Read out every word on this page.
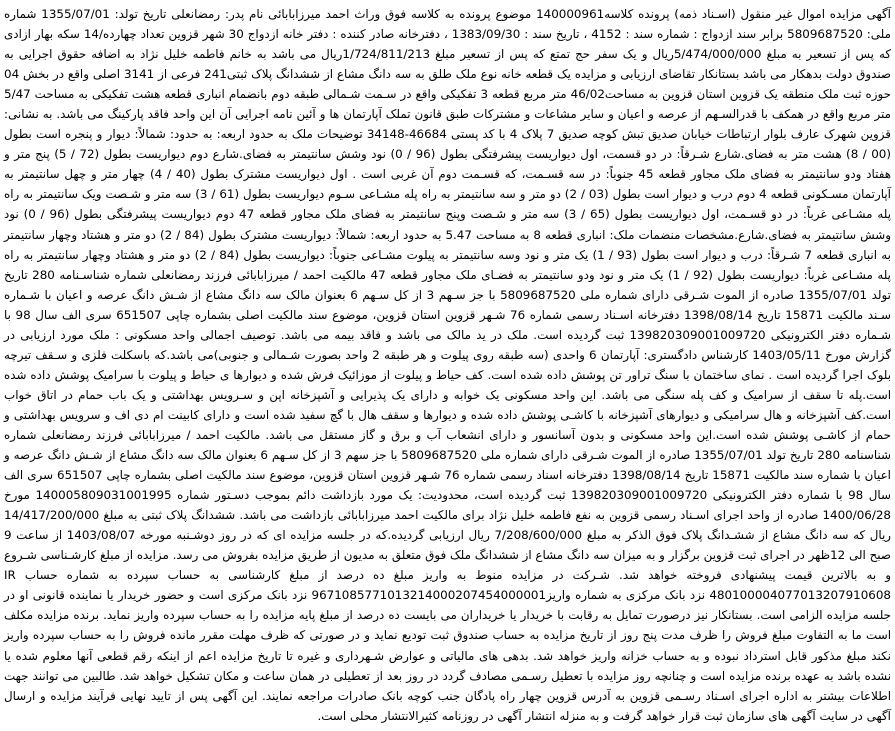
آگهی مزایده اموال غیر منقول (اسـناد ذمه) پرونده کلاسه140000961 موضوع پرونده به کلاسه فوق وراث احمد میرزابابائی نام پدر: رمضانعلی تاریخ تولد: 1355/07/01 شماره ملی: 5809687520 برابر سند ازدواج : شماره سند : 4152 ، تاریخ سند : 1383/09/30 ، دفترخانه صادر کننده : دفتر خانه ازدواج 30 شهر قزوین تعداد چهارده/14 سکه بهار ازادی که پس از تسعیر به مبلغ 5/474/000/000ریال و یک سفر حج تمتع که پس از تسعیر مبلغ 1/724/811/213ریال می باشد به خانم فاطمه خلیل نژاد به اضافه حقوق اجرایی به صندوق دولت بدهکار می باشد بستانکار تقاضای ارزیابی و مزایده یک قطعه خانه نوع ملک طلق به سه دانگ مشاع از ششدانگ پلاک ثبتی241 فرعی از 3141 اصلی واقع در بخش 04 حوزه ثبت ملک منطقه یک قزوین استان قزوین به مساحت46/02 متر مربع قطعه 3 تفکیکی واقع در سـمت شـمالی طبقه دوم بانضمام انباری قطعه هشت تفکیکی به مساحت 5/47 متر مربع واقع در همکف با قدرالسـهم از عرصه و اعیان و سایر مشاعات و مشترکات طبق قانون تملک آپارتمان ها و آئین نامه اجرایی آن این واحد فاقد پارکینگ می باشد. به نشانی: قزوین شهرک عارف بلوار ارتباطات خیابان صدیق تبش کوچه صدیق 7 پلاک 4 با کد پستی 46684-34148 توضیحات ملک به حدود اربعه: به حدود: شمالاً: دیوار و پنجره است بطول (00 / 8) هشت متر به فضای.شارع شـرقاً: در دو قسمت، اول دیواریست پیشرفتگی بطول (96 / 0) نود وشش سانتیمتر به فضای.شارع دوم دیواریست بطول (72 / 5) پنج متر و هفتاد ودو سانتیمتر به فضای ملک مجاور قطعه 45 جنوباً: در سه قسـمت، که قسـمت دوم آن غربی است . اول دیواریست مشترک بطول (40 / 4) چهار متر و چهل سانتیمتر به آپارتمان مسـکونی قطعه 4 دوم درب و دیوار است بطول (03 / 2) دو متر و سه سانتیمتر به راه پله مشـاعی سـوم دیواریست بطول (61 / 3) سه متر و شـصت ویک سانتیمتر به راه پله مشـاعی غرباً: در دو قسـمت، اول دیواریست بطول (65 / 3) سه متر و شـصت وپنج سانتیمتر به فضای ملک مجاور قطعه 47 دوم دیواریست پیشرفتگی بطول (96 / 0) نود وشش سانتیمتر به فضای.شارع.مشخصات منضمات ملک: انباری قطعه 8 به مساحت 5.47 به حدود اربعه: شمالاً: دیواریست مشترک بطول (84 / 2) دو متر و هشتاد وچهار سانتیمتر به انباری قطعه 7 شـرقاً: درب و دیوار است بطول (93 / 1) یک متر و نود وسه سانتیمتر به پیلوت مشـاعی جنوباً: دیواریست بطول (84 / 2) دو متر و هشتاد وچهار سانتیمتر به راه پله مشـاعی غرباً: دیواریست بطول (92 / 1) یک متر و نود ودو سانتیمتر به فضـای ملک مجاور قطعه 47 مالکیت احمد / میرزابابائی فرزند رمضانعلی شماره شناسـنامه 280 تاریخ تولد 1355/07/01 صادره از الموت شـرقی دارای شماره ملی 5809687520 با جز سـهم 3 از کل سـهم 6 بعنوان مالک سه دانگ مشاع از شـش دانگ عرصه و اعیان با شـماره سـند مالکیت 15871 تاریخ 1398/08/14 دفترخانه اسـناد رسمی شماره 76 شـهر قزوین استان قزوین، موضوع سند مالکیت اصلی بشماره چاپی 651507 سری الف سال 98 با شـماره دفتر الکترونیکی 139820309001009720 ثبت گردیده است. ملک در ید مالک می باشد و فاقد بیمه می باشد. توصیف اجمالی واحد مسکونی : ملک مورد ارزیابی در گزارش مورخ 1403/05/11 کارشناس دادگستری: آپارتمان 6 واحدی (سه طبقه روی پیلوت و هر طبقه 2 واحد بصورت شـمالی و جنوبی)می باشد.که باسکلت فلزی و سـقف تیرچه بلوک اجرا گردیده است . نمای ساختمان با سنگ تراور تن پوشش داده شده است. کف حیاط و پیلوت از موزائیک فرش شده و دیوارها ی حیاط و پیلوت با سرامیک پوشش داده شده است.پله تا سقف از سرامیک و کف پله سنگی می باشد. این واحد مسکونی یک خوابه و دارای یک پذیرایی و آشپزخانه اپن و سـرویس بهداشتی و یک باب حمام در اتاق خواب است.کف آشپزخانه و هال سرامیکی و دیوارهای آشپزخانه با کاشـی پوشش داده شده و دیوارها و سقف هال با گچ سفید شده است و دارای کابینت ام دی اف و سرویس بهداشتی و حمام از کاشـی پوشش شده است.این واحد مسکونی و بدون آسانسور و دارای انشعاب آب و برق و گاز مستقل می باشد. مالکیت احمد / میرزابابائی فرزند رمضانعلی شماره شناسنامه 280 تاریخ تولد 1355/07/01 صادره از الموت شـرقی دارای شماره ملی 5809687520 با جز سهم 3 از کل سـهم 6 بعنوان مالک سه دانگ مشاع از شـش دانگ عرصه و اعیان با شماره سند مالکیت 15871 تاریخ 1398/08/14 دفترخانه اسناد رسمی شماره 76 شـهر قزوین استان قزوین، موضوع سند مالکیت اصلی بشماره چاپی 651507 سری الف سال 98 با شماره دفتر الکترونیکی 139820309001009720 ثبت گردیده است، محدودیت: یک مورد بازداشت دائم بموجب دسـتور شماره 140005809031001995 مورخ 1400/06/28 صادره از واحد اجرای اسـناد رسمی قزوین به نفع فاطمه خلیل نژاد برای مالکیت احمد میرزابابائی بازداشت می باشد. ششدانگ پلاک ثبتی به مبلغ 14/417/200/000 ریال که سه دانگ مشاع از ششـدانگ پلاک فوق الذکر به مبلغ 7/208/600/000 ریال ارزیابی گردیده.که در جلسه مزایده ای که در روز دوشـنبه مورخه 1403/08/07 از ساعت 9 صبح الی 12ظهر در اجرای ثبت قزوین برگزار و به میزان سه دانگ مشاع از ششدانگ ملک فوق متعلق به مدیون از طریق مزایده بفروش می رسد. مزایده از مبلغ کارشـناسی شـروع و به بالاترین قیمت پیشنهادی فروخته خواهد شد. شـرکت در مزایده منوط به واریز مبلغ ده درصد از مبلغ کارشناسی به حساب سپرده به شماره حساب IR 480100004077013207910608 نزد بانک مرکزی به شماره واریز9671085771013214000207454000001 نزد بانک مرکزی است و حضور خریدار یا نماینده قانونی او در جلسه مزایده الزامی است. بستانکار نیز درصورت تمایل به رقابت با خریدار یا خریداران می بایست ده درصد از مبلغ پایه مزایده را به حساب سپرده واریز نماید. برنده مزایده مکلف است ما به التفاوت مبلغ فروش را ظرف مدت پنج روز از تاریخ مزایده به حساب صندوق ثبت تودیع نماید و در صورتی که ظرف مهلت مقرر مانده فروش را به حساب سپرده واریز نکند مبلغ مذکور قابل استرداد نبوده و به حساب خزانه واریز خواهد شد. بدهی های مالیاتی و عوارض شـهرداری و غیره تا تاریخ مزایده اعم از اینکه رقم قطعی آنها معلوم شده یا نشده باشد به عهده برنده مزایده است و چنانچه روز مزایده با تعطیل رسـمی مصادف گردد در روز بعد از تعطیلی در همان ساعت و مکان تشکیل خواهد شد. طالبین می توانند جهت اطلاعات بیشتر به اداره اجرای اسـناد رسـمی قزوین به آدرس قزوین چهار راه پادگان جنب کوچه بانک صادرات مراجعه نمایند. این آگهی پس از تایید نهایی فرآیند مزایده و ارسال آگهی در سایت آگهی های سازمان ثبت قرار خواهد گرفت و به منزله انتشار آگهی در روزنامه کثیرالانتشار محلی است.
